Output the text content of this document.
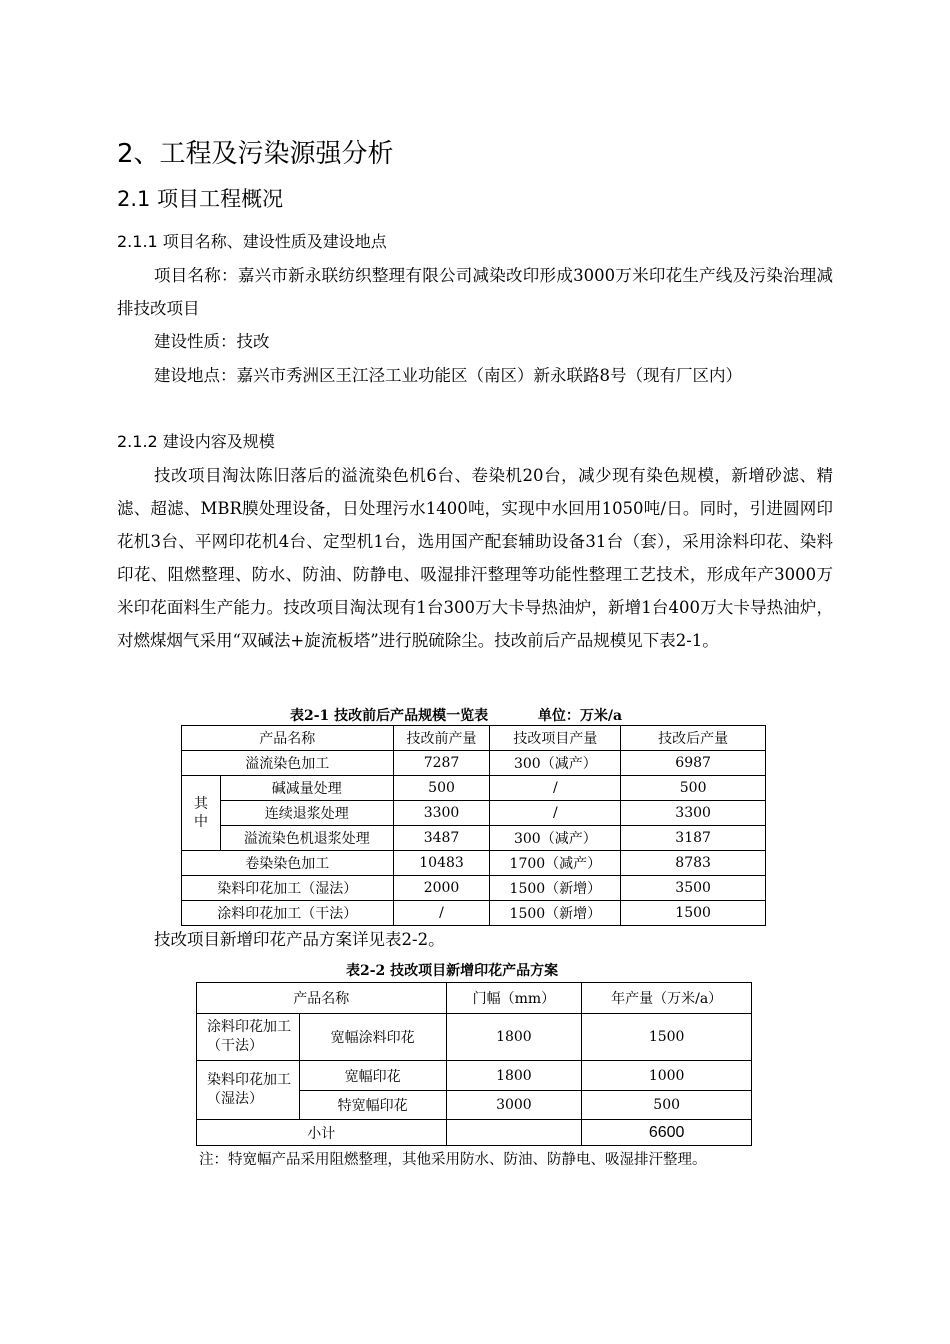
2、工程及污染源强分析
2.1 项目工程概况
2.1.1 项目名称、建设性质及建设地点

项目名称：嘉兴市新永联纺织整理有限公司减染改印形成3000万米印花生产线及污染治理减排技改项目

建设性质：技改

建设地点：嘉兴市秀洲区王江泾工业功能区（南区）新永联路8号（现有厂区内）

2.1.2 建设内容及规模

技改项目淘汰陈旧落后的溢流染色机6台、卷染机20台，减少现有染色规模，新增砂滤、精滤、超滤、MBR膜处理设备，日处理污水1400吨，实现中水回用1050吨/日。同时，引进圆网印花机3台、平网印花机4台、定型机1台，选用国产配套辅助设备31台（套），采用涂料印花、染料印花、阻燃整理、防水、防油、防静电、吸湿排汗整理等功能性整理工艺技术，形成年产3000万米印花面料生产能力。技改项目淘汰现有1台300万大卡导热油炉，新增1台400万大卡导热油炉，对燃煤烟气采用“双碱法+旋流板塔”进行脱硫除尘。技改前后产品规模见下表2-1。

表2-1 技改前后产品规模一览表	单位：万米/a
产品名称		技改前产量	技改项目产量	技改后产量
溢流染色加工		7287	300（减产）	6987
其中	碱减量处理	500	/	500
	连续退浆处理	3300	/	3300
	溢流染色机退浆处理	3487	300（减产）	3187
卷染染色加工		10483	1700（减产）	8783
染料印花加工（湿法）		2000	1500（新增）	3500
涂料印花加工（干法）		/	1500（新增）	1500
技改项目新增印花产品方案详见表2-2。
表2-2 技改项目新增印花产品方案
产品名称		门幅（mm）	年产量（万米/a）
涂料印花加工（干法）	宽幅涂料印花	1800	1500
染料印花加工（湿法）	宽幅印花	1800	1000
	特宽幅印花	3000	500
小计			6600
注：特宽幅产品采用阻燃整理，其他采用防水、防油、防静电、吸湿排汗整理。
